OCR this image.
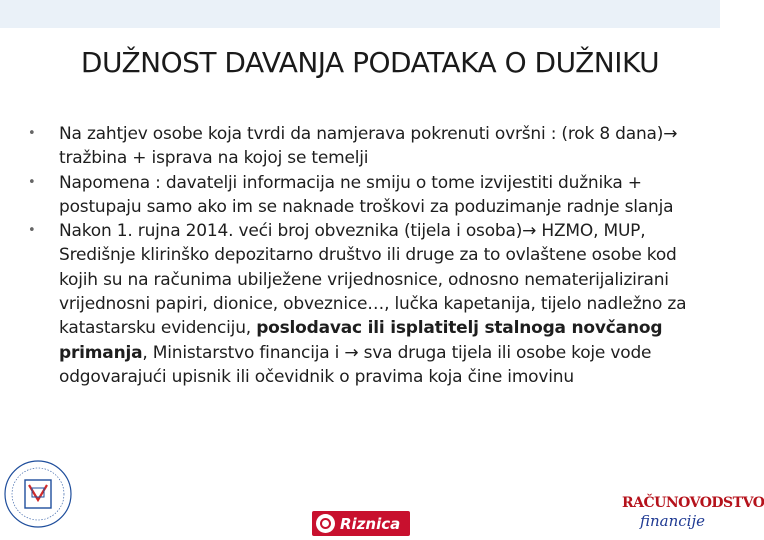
DUŽNOST DAVANJA PODATAKA O DUŽNIKU
•	Na zahtjev osobe koja tvrdi da namjerava pokrenuti ovršni : (rok 8 dana)→ tražbina + isprava na kojoj se temelji
•	Napomena : davatelji informacija ne smiju o tome izvijestiti dužnika + postupaju samo ako im se naknade troškovi za poduzimanje radnje slanja
•	Nakon 1. rujna 2014. veći broj obveznika (tijela i osoba)→ HZMO, MUP, Središnje klirinško depozitarno društvo ili druge za to ovlaštene osobe kod kojih su na računima ubilježene vrijednosnice, odnosno nematerijalizirani vrijednosni papiri, dionice, obveznice…, lučka kapetanija, tijelo nadležno za katastarsku evidenciju, poslodavac ili isplatitelj stalnoga novčanog primanja, Ministarstvo financija i → sva druga tijela ili osobe koje vode odgovarajući upisnik ili očevidnik o pravima koja čine imovinu
Riznica
RAČUNOVODSTVO
financije
